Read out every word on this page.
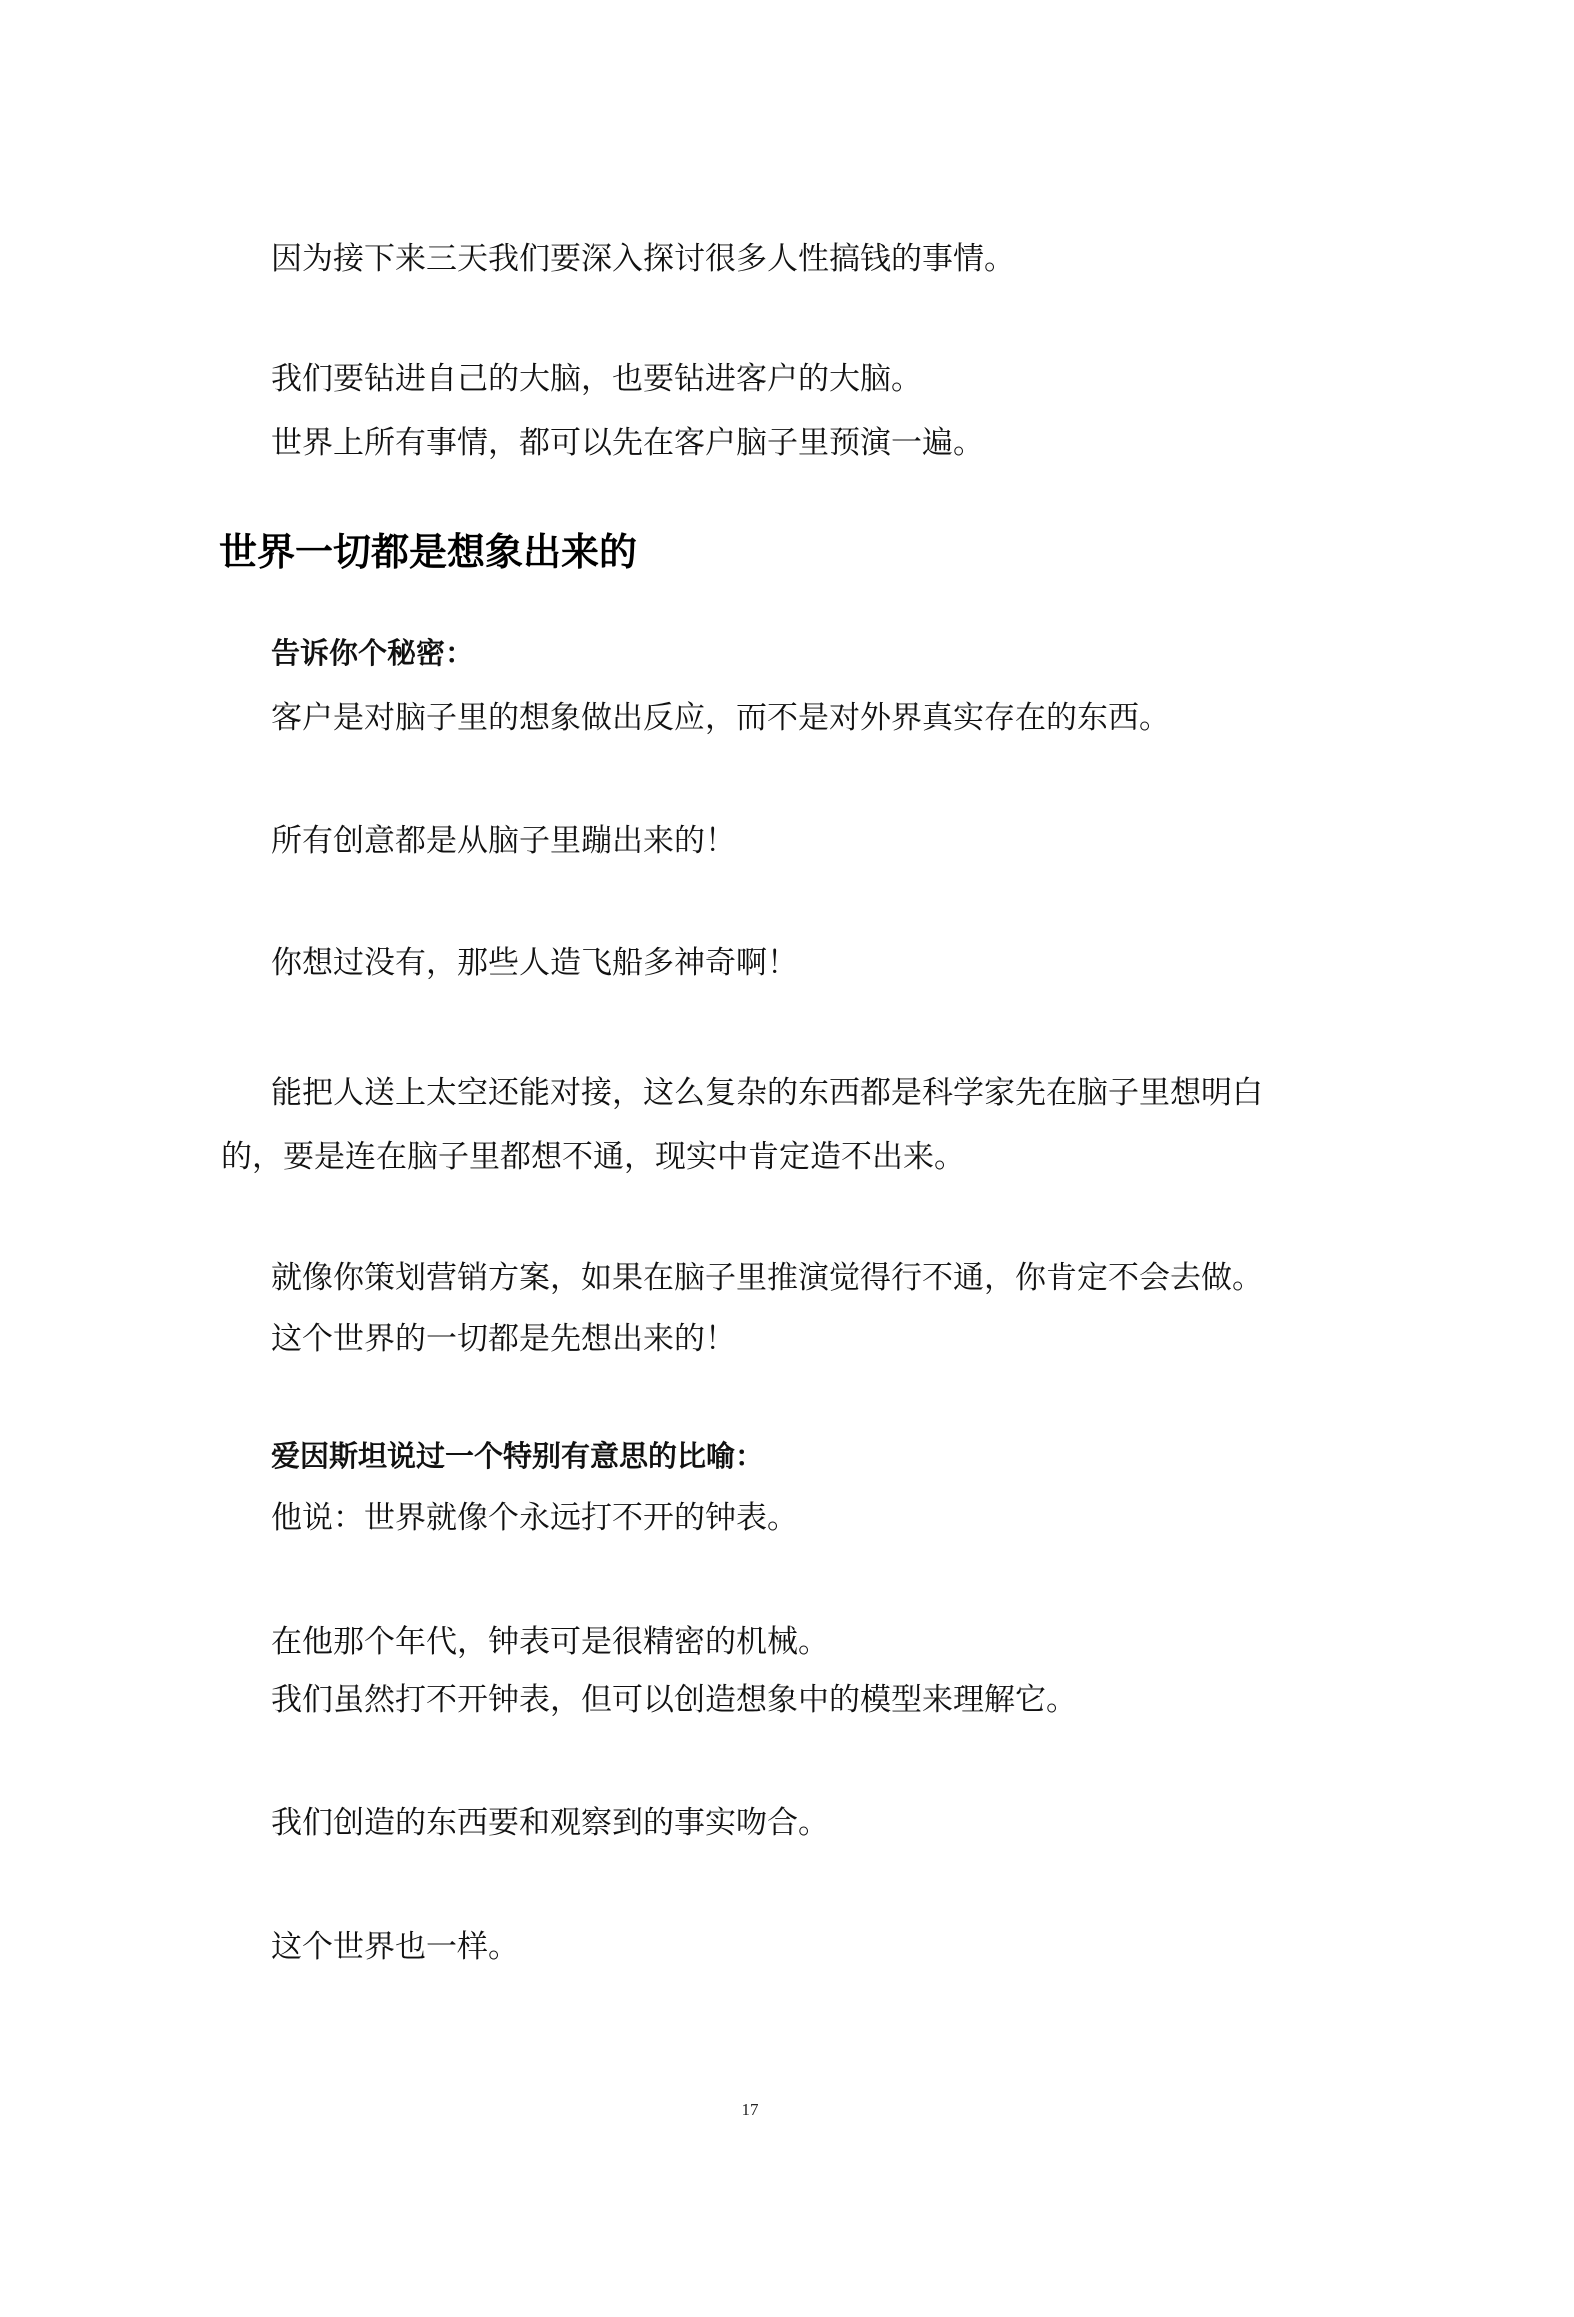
因为接下来三天我们要深入探讨很多人性搞钱的事情。
我们要钻进自己的大脑，也要钻进客户的大脑。
世界上所有事情，都可以先在客户脑子里预演一遍。
世界一切都是想象出来的
告诉你个秘密：
客户是对脑子里的想象做出反应，而不是对外界真实存在的东西。
所有创意都是从脑子里蹦出来的！
你想过没有，那些人造飞船多神奇啊！
能把人送上太空还能对接，这么复杂的东西都是科学家先在脑子里想明白
的，要是连在脑子里都想不通，现实中肯定造不出来。
就像你策划营销方案，如果在脑子里推演觉得行不通，你肯定不会去做。
这个世界的一切都是先想出来的！
爱因斯坦说过一个特别有意思的比喻：
他说：世界就像个永远打不开的钟表。
在他那个年代，钟表可是很精密的机械。
我们虽然打不开钟表，但可以创造想象中的模型来理解它。
我们创造的东西要和观察到的事实吻合。
这个世界也一样。
17
